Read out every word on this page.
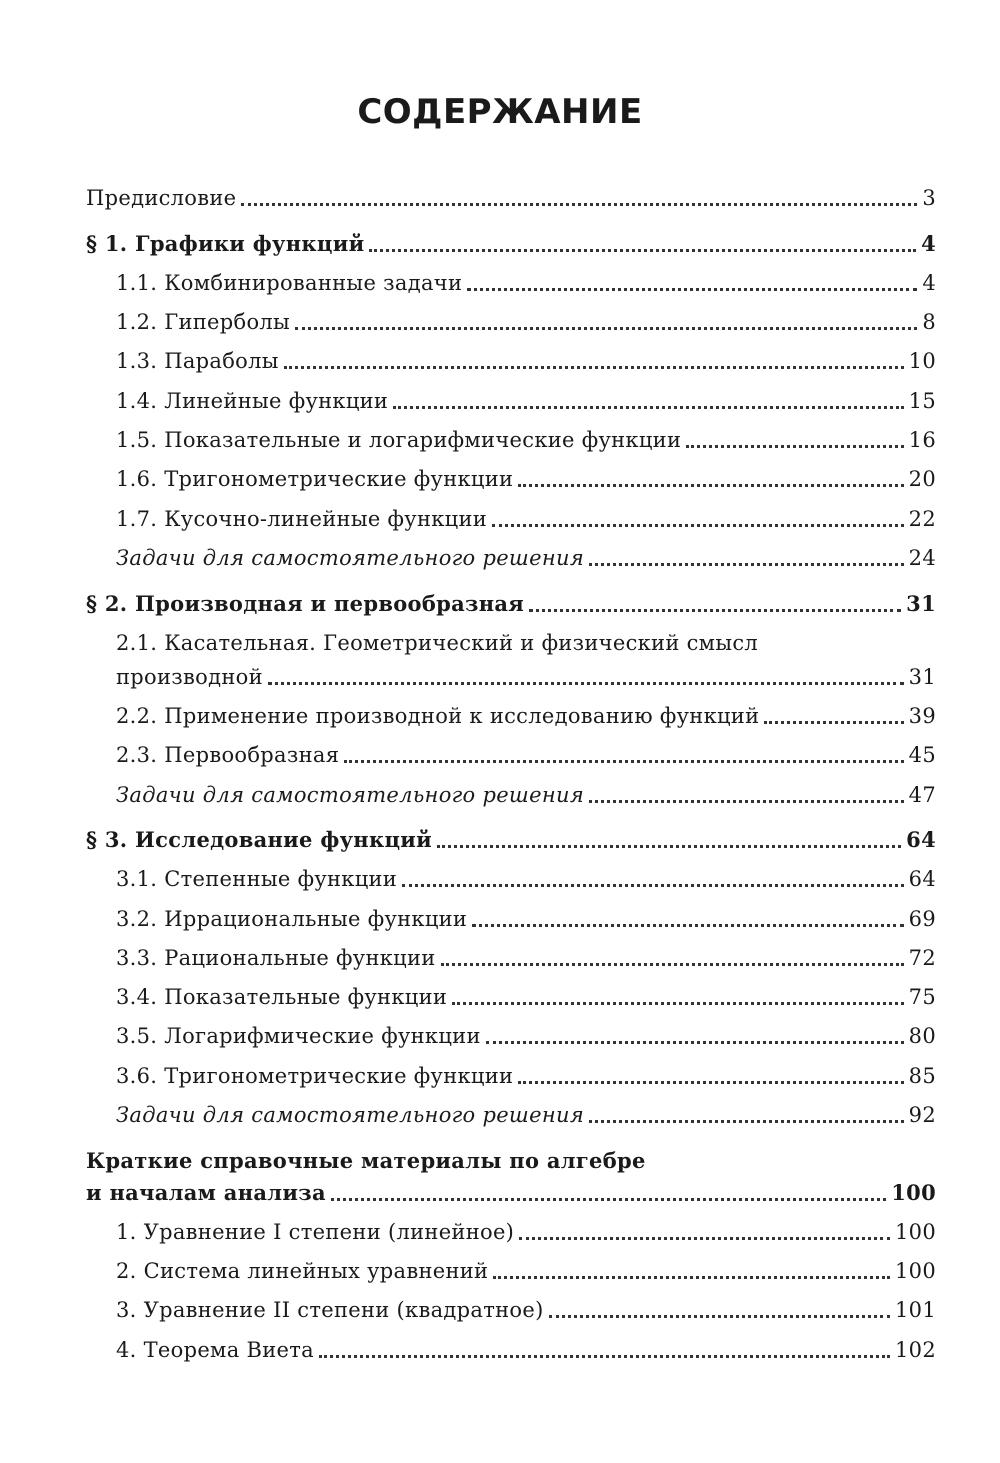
СОДЕРЖАНИЕ
Предисловие	3
§ 1. Графики функций	4
1.1. Комбинированные задачи	4
1.2. Гиперболы	8
1.3. Параболы	10
1.4. Линейные функции	15
1.5. Показательные и логарифмические функции	16
1.6. Тригонометрические функции	20
1.7. Кусочно-линейные функции	22
Задачи для самостоятельного решения	24
§ 2. Производная и первообразная	31
2.1. Касательная. Геометрический и физический смысл
производной	31
2.2. Применение производной к исследованию функций	39
2.3. Первообразная	45
Задачи для самостоятельного решения	47
§ 3. Исследование функций	64
3.1. Степенные функции	64
3.2. Иррациональные функции	69
3.3. Рациональные функции	72
3.4. Показательные функции	75
3.5. Логарифмические функции	80
3.6. Тригонометрические функции	85
Задачи для самостоятельного решения	92
Краткие справочные материалы по алгебре
и началам анализа	100
1. Уравнение I степени (линейное)	100
2. Система линейных уравнений	100
3. Уравнение II степени (квадратное)	101
4. Теорема Виета	102
